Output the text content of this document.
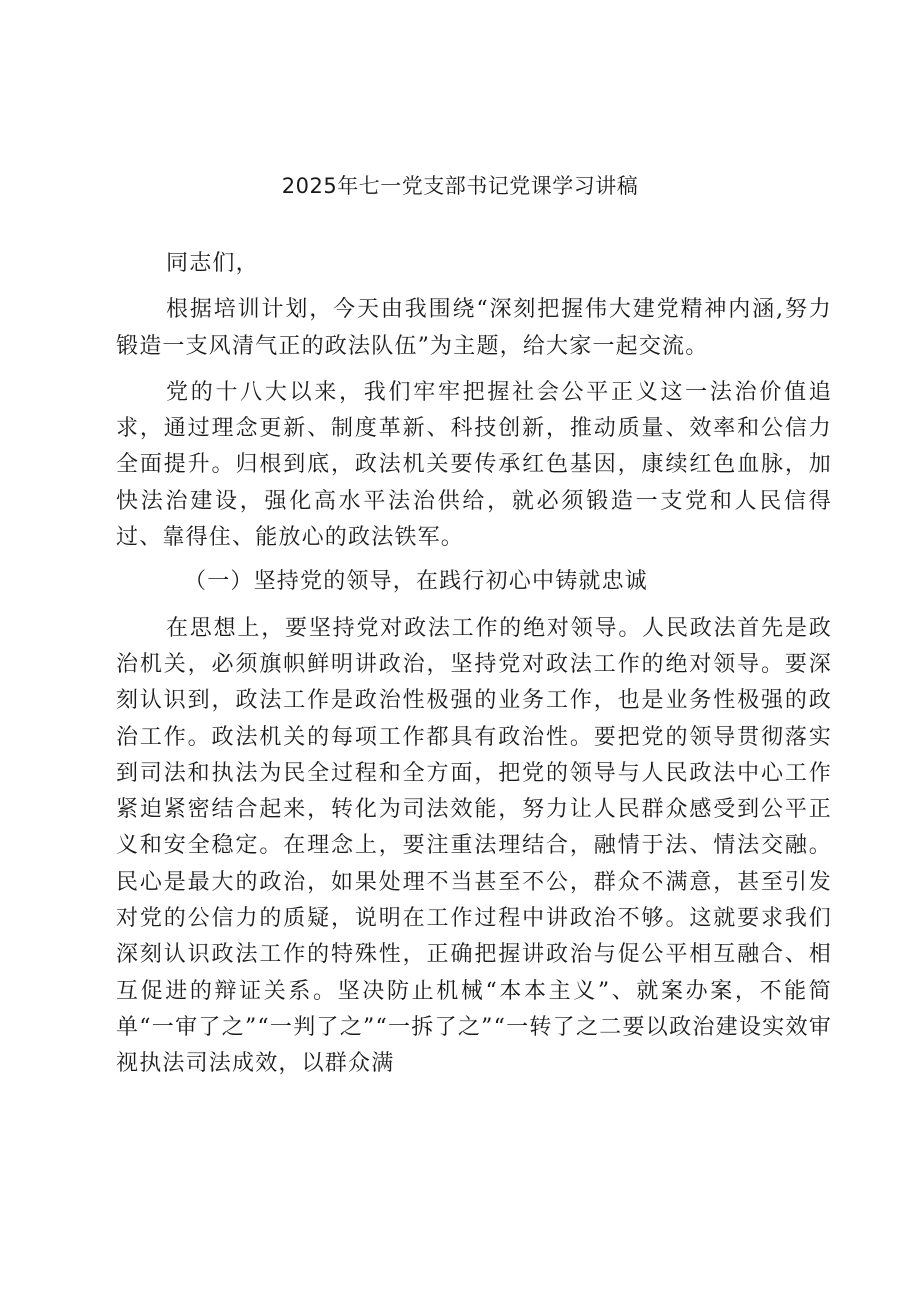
2025年七一党支部书记党课学习讲稿

同志们，

根据培训计划，今天由我围绕“深刻把握伟大建党精神内涵,努力锻造一支风清气正的政法队伍”为主题，给大家一起交流。

党的十八大以来，我们牢牢把握社会公平正义这一法治价值追求，通过理念更新、制度革新、科技创新，推动质量、效率和公信力全面提升。归根到底，政法机关要传承红色基因，康续红色血脉，加快法治建设，强化高水平法治供给，就必须锻造一支党和人民信得过、靠得住、能放心的政法铁军。

（一）坚持党的领导，在践行初心中铸就忠诚

在思想上，要坚持党对政法工作的绝对领导。人民政法首先是政治机关，必须旗帜鲜明讲政治，坚持党对政法工作的绝对领导。要深刻认识到，政法工作是政治性极强的业务工作，也是业务性极强的政治工作。政法机关的每项工作都具有政治性。要把党的领导贯彻落实到司法和执法为民全过程和全方面，把党的领导与人民政法中心工作紧迫紧密结合起来，转化为司法效能，努力让人民群众感受到公平正义和安全稳定。在理念上，要注重法理结合，融情于法、情法交融。民心是最大的政治，如果处理不当甚至不公，群众不满意，甚至引发对党的公信力的质疑，说明在工作过程中讲政治不够。这就要求我们深刻认识政法工作的特殊性，正确把握讲政治与促公平相互融合、相互促进的辩证关系。坚决防止机械“本本主义”、就案办案，不能简单“一审了之”“一判了之”“一拆了之”“一转了之二要以政治建设实效审视执法司法成效，以群众满
